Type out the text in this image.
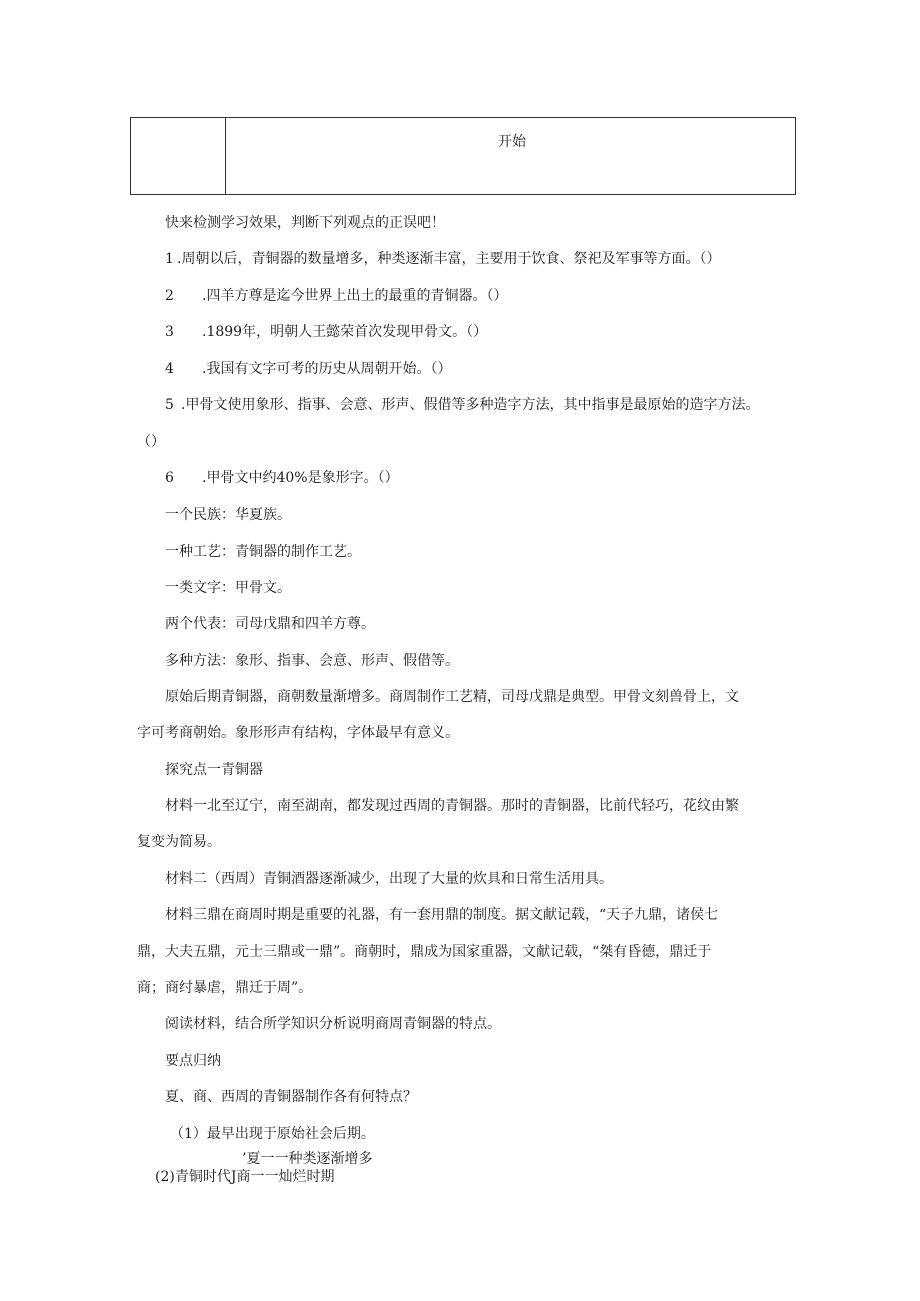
开始
快来检测学习效果，判断下列观点的正误吧！
1 .周朝以后，青铜器的数量增多，种类逐渐丰富，主要用于饮食、祭祀及军事等方面。（）
2 .四羊方尊是迄今世界上出土的最重的青铜器。（）
3 .1899年，明朝人王懿荣首次发现甲骨文。（）
4 .我国有文字可考的历史从周朝开始。（）
5 .甲骨文使用象形、指事、会意、形声、假借等多种造字方法，其中指事是最原始的造字方法。
（）
6 .甲骨文中约40%是象形字。（）
一个民族：华夏族。
一种工艺：青铜器的制作工艺。
一类文字：甲骨文。
两个代表：司母戊鼎和四羊方尊。
多种方法：象形、指事、会意、形声、假借等。
原始后期青铜器，商朝数量渐增多。商周制作工艺精，司母戊鼎是典型。甲骨文刻兽骨上，文
字可考商朝始。象形形声有结构，字体最早有意义。
探究点一青铜器
材料一北至辽宁，南至湖南，都发现过西周的青铜器。那时的青铜器，比前代轻巧，花纹由繁
复变为简易。
材料二（西周）青铜酒器逐渐减少，出现了大量的炊具和日常生活用具。
材料三鼎在商周时期是重要的礼器，有一套用鼎的制度。据文献记载，“天子九鼎，诸侯七
鼎，大夫五鼎，元士三鼎或一鼎”。商朝时，鼎成为国家重器，文献记载，“桀有昏德，鼎迁于
商；商纣暴虐，鼎迁于周”。
阅读材料，结合所学知识分析说明商周青铜器的特点。
要点归纳
夏、商、西周的青铜器制作各有何特点？
（1）最早出现于原始社会后期。
’夏一一种类逐渐增多
(2)青铜时代J商一一灿烂时期
